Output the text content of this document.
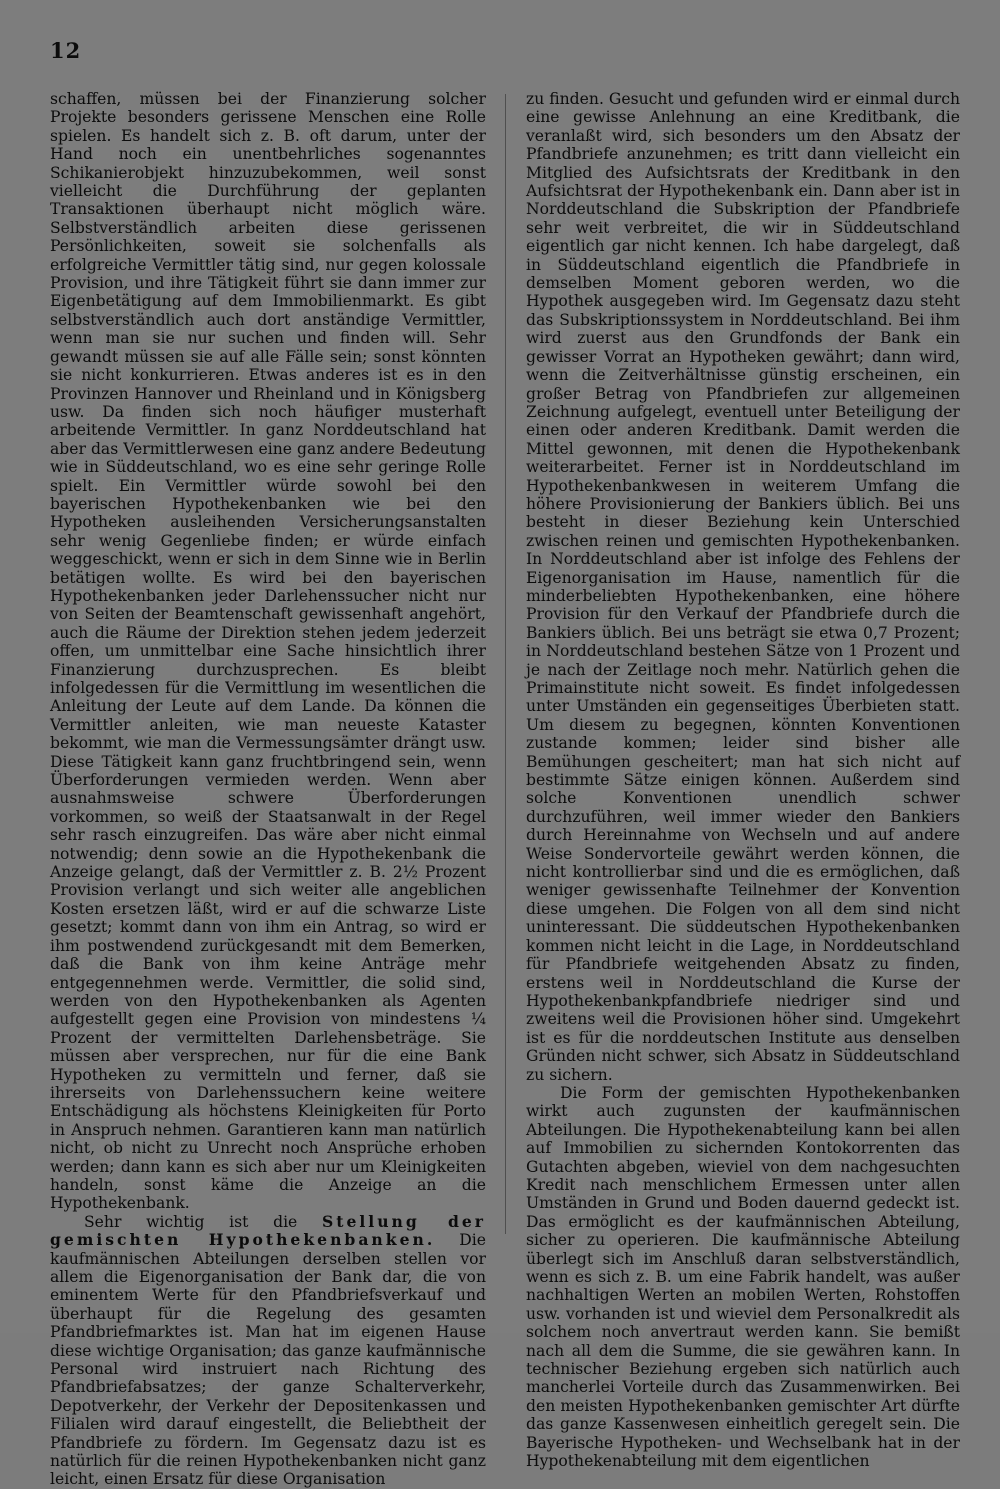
12

schaffen, müssen bei der Finanzierung solcher Projekte besonders gerissene Menschen eine Rolle spielen. Es handelt sich z. B. oft darum, unter der Hand noch ein unentbehrliches sogenanntes Schikanierobjekt hinzuzubekommen, weil sonst vielleicht die Durchführung der geplanten Transaktionen überhaupt nicht möglich wäre. Selbstverständlich arbeiten diese gerissenen Persönlichkeiten, soweit sie solchenfalls als erfolgreiche Vermittler tätig sind, nur gegen kolossale Provision, und ihre Tätigkeit führt sie dann immer zur Eigenbetätigung auf dem Immobilienmarkt. Es gibt selbstverständlich auch dort anständige Vermittler, wenn man sie nur suchen und finden will. Sehr gewandt müssen sie auf alle Fälle sein; sonst könnten sie nicht konkurrieren. Etwas anderes ist es in den Provinzen Hannover und Rheinland und in Königsberg usw. Da finden sich noch häufiger musterhaft arbeitende Vermittler. In ganz Norddeutschland hat aber das Vermittlerwesen eine ganz andere Bedeutung wie in Süddeutschland, wo es eine sehr geringe Rolle spielt. Ein Vermittler würde sowohl bei den bayerischen Hypothekenbanken wie bei den Hypotheken ausleihenden Versicherungsanstalten sehr wenig Gegenliebe finden; er würde einfach weggeschickt, wenn er sich in dem Sinne wie in Berlin betätigen wollte. Es wird bei den bayerischen Hypothekenbanken jeder Darlehenssucher nicht nur von Seiten der Beamtenschaft gewissenhaft angehört, auch die Räume der Direktion stehen jedem jederzeit offen, um unmittelbar eine Sache hinsichtlich ihrer Finanzierung durchzusprechen. Es bleibt infolgedessen für die Vermittlung im wesentlichen die Anleitung der Leute auf dem Lande. Da können die Vermittler anleiten, wie man neueste Kataster bekommt, wie man die Vermessungsämter drängt usw. Diese Tätigkeit kann ganz fruchtbringend sein, wenn Überforderungen vermieden werden. Wenn aber ausnahmsweise schwere Überforderungen vorkommen, so weiß der Staatsanwalt in der Regel sehr rasch einzugreifen. Das wäre aber nicht einmal notwendig; denn sowie an die Hypothekenbank die Anzeige gelangt, daß der Vermittler z. B. 2½ Prozent Provision verlangt und sich weiter alle angeblichen Kosten ersetzen läßt, wird er auf die schwarze Liste gesetzt; kommt dann von ihm ein Antrag, so wird er ihm postwendend zurückgesandt mit dem Bemerken, daß die Bank von ihm keine Anträge mehr entgegennehmen werde. Vermittler, die solid sind, werden von den Hypothekenbanken als Agenten aufgestellt gegen eine Provision von mindestens ¼ Prozent der vermittelten Darlehensbeträge. Sie müssen aber versprechen, nur für die eine Bank Hypotheken zu vermitteln und ferner, daß sie ihrerseits von Darlehenssuchern keine weitere Entschädigung als höchstens Kleinigkeiten für Porto in Anspruch nehmen. Garantieren kann man natürlich nicht, ob nicht zu Unrecht noch Ansprüche erhoben werden; dann kann es sich aber nur um Kleinigkeiten handeln, sonst käme die Anzeige an die Hypothekenbank.

Sehr wichtig ist die Stellung der gemischten Hypothekenbanken. Die kaufmännischen Abteilungen derselben stellen vor allem die Eigenorganisation der Bank dar, die von eminentem Werte für den Pfandbriefsverkauf und überhaupt für die Regelung des gesamten Pfandbriefmarktes ist. Man hat im eigenen Hause diese wichtige Organisation; das ganze kaufmännische Personal wird instruiert nach Richtung des Pfandbriefabsatzes; der ganze Schalterverkehr, Depotverkehr, der Verkehr der Depositenkassen und Filialen wird darauf eingestellt, die Beliebtheit der Pfandbriefe zu fördern. Im Gegensatz dazu ist es natürlich für die reinen Hypothekenbanken nicht ganz leicht, einen Ersatz für diese Organisation

zu finden. Gesucht und gefunden wird er einmal durch eine gewisse Anlehnung an eine Kreditbank, die veranlaßt wird, sich besonders um den Absatz der Pfandbriefe anzunehmen; es tritt dann vielleicht ein Mitglied des Aufsichtsrats der Kreditbank in den Aufsichtsrat der Hypothekenbank ein. Dann aber ist in Norddeutschland die Subskription der Pfandbriefe sehr weit verbreitet, die wir in Süddeutschland eigentlich gar nicht kennen. Ich habe dargelegt, daß in Süddeutschland eigentlich die Pfandbriefe in demselben Moment geboren werden, wo die Hypothek ausgegeben wird. Im Gegensatz dazu steht das Subskriptionssystem in Norddeutschland. Bei ihm wird zuerst aus den Grundfonds der Bank ein gewisser Vorrat an Hypotheken gewährt; dann wird, wenn die Zeitverhältnisse günstig erscheinen, ein großer Betrag von Pfandbriefen zur allgemeinen Zeichnung aufgelegt, eventuell unter Beteiligung der einen oder anderen Kreditbank. Damit werden die Mittel gewonnen, mit denen die Hypothekenbank weiterarbeitet. Ferner ist in Norddeutschland im Hypothekenbankwesen in weiterem Umfang die höhere Provisionierung der Bankiers üblich. Bei uns besteht in dieser Beziehung kein Unterschied zwischen reinen und gemischten Hypothekenbanken. In Norddeutschland aber ist infolge des Fehlens der Eigenorganisation im Hause, namentlich für die minderbeliebten Hypothekenbanken, eine höhere Provision für den Verkauf der Pfandbriefe durch die Bankiers üblich. Bei uns beträgt sie etwa 0,7 Prozent; in Norddeutschland bestehen Sätze von 1 Prozent und je nach der Zeitlage noch mehr. Natürlich gehen die Primainstitute nicht soweit. Es findet infolgedessen unter Umständen ein gegenseitiges Überbieten statt. Um diesem zu begegnen, könnten Konventionen zustande kommen; leider sind bisher alle Bemühungen gescheitert; man hat sich nicht auf bestimmte Sätze einigen können. Außerdem sind solche Konventionen unendlich schwer durchzuführen, weil immer wieder den Bankiers durch Hereinnahme von Wechseln und auf andere Weise Sondervorteile gewährt werden können, die nicht kontrollierbar sind und die es ermöglichen, daß weniger gewissenhafte Teilnehmer der Konvention diese umgehen. Die Folgen von all dem sind nicht uninteressant. Die süddeutschen Hypothekenbanken kommen nicht leicht in die Lage, in Norddeutschland für Pfandbriefe weitgehenden Absatz zu finden, erstens weil in Norddeutschland die Kurse der Hypothekenbankpfandbriefe niedriger sind und zweitens weil die Provisionen höher sind. Umgekehrt ist es für die norddeutschen Institute aus denselben Gründen nicht schwer, sich Absatz in Süddeutschland zu sichern.

Die Form der gemischten Hypothekenbanken wirkt auch zugunsten der kaufmännischen Abteilungen. Die Hypothekenabteilung kann bei allen auf Immobilien zu sichernden Kontokorrenten das Gutachten abgeben, wieviel von dem nachgesuchten Kredit nach menschlichem Ermessen unter allen Umständen in Grund und Boden dauernd gedeckt ist. Das ermöglicht es der kaufmännischen Abteilung, sicher zu operieren. Die kaufmännische Abteilung überlegt sich im Anschluß daran selbstverständlich, wenn es sich z. B. um eine Fabrik handelt, was außer nachhaltigen Werten an mobilen Werten, Rohstoffen usw. vorhanden ist und wieviel dem Personalkredit als solchem noch anvertraut werden kann. Sie bemißt nach all dem die Summe, die sie gewähren kann. In technischer Beziehung ergeben sich natürlich auch mancherlei Vorteile durch das Zusammenwirken. Bei den meisten Hypothekenbanken gemischter Art dürfte das ganze Kassenwesen einheitlich geregelt sein. Die Bayerische Hypotheken- und Wechselbank hat in der Hypothekenabteilung mit dem eigentlichen
